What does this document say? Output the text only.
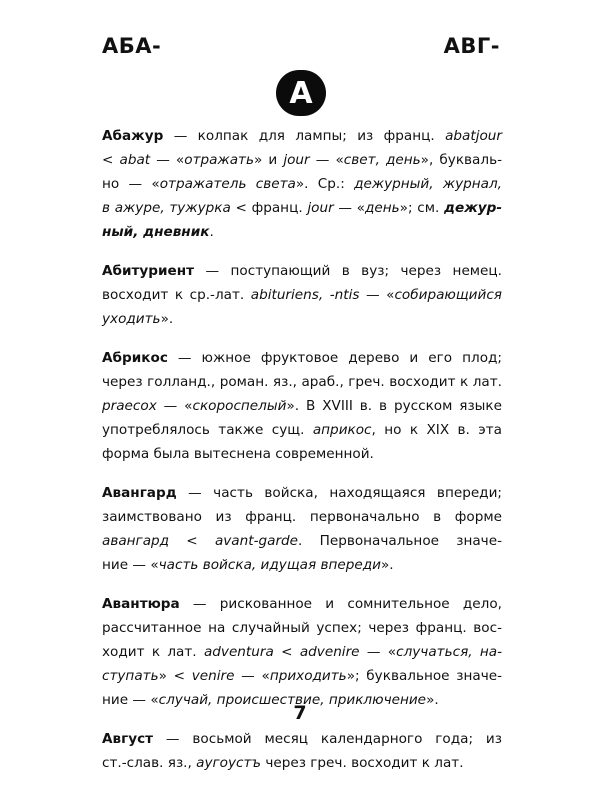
АБА-	АВГ-
А
Абажур — колпак для лампы; из франц. abatjour
< abat — «отражать» и jour — «свет, день», букваль-
но — «отражатель света». Ср.: дежурный, журнал,
в ажуре, тужурка < франц. jour — «день»; см. дежур-
ный, дневник.
Абитуриент — поступающий в вуз; через немец.
восходит к ср.-лат. abituriens, -ntis — «собирающийся
уходить».
Абрикос — южное фруктовое дерево и его плод;
через голланд., роман. яз., араб., греч. восходит к лат.
praecox — «скороспелый». В XVIII в. в русском языке
употреблялось также сущ. априкос, но к XIX в. эта
форма была вытеснена современной.
Авангард — часть войска, находящаяся впереди;
заимствовано из франц. первоначально в форме
авангард < avant-garde. Первоначальное значе-
ние — «часть войска, идущая впереди».
Авантюра — рискованное и сомнительное дело,
рассчитанное на случайный успех; через франц. вос-
ходит к лат. adventura < advenire — «случаться, на-
ступать» < venire — «приходить»; буквальное значе-
ние — «случай, происшествие, приключение».
Август — восьмой месяц календарного года; из
ст.-слав. яз., аугоустъ через греч. восходит к лат.
7
